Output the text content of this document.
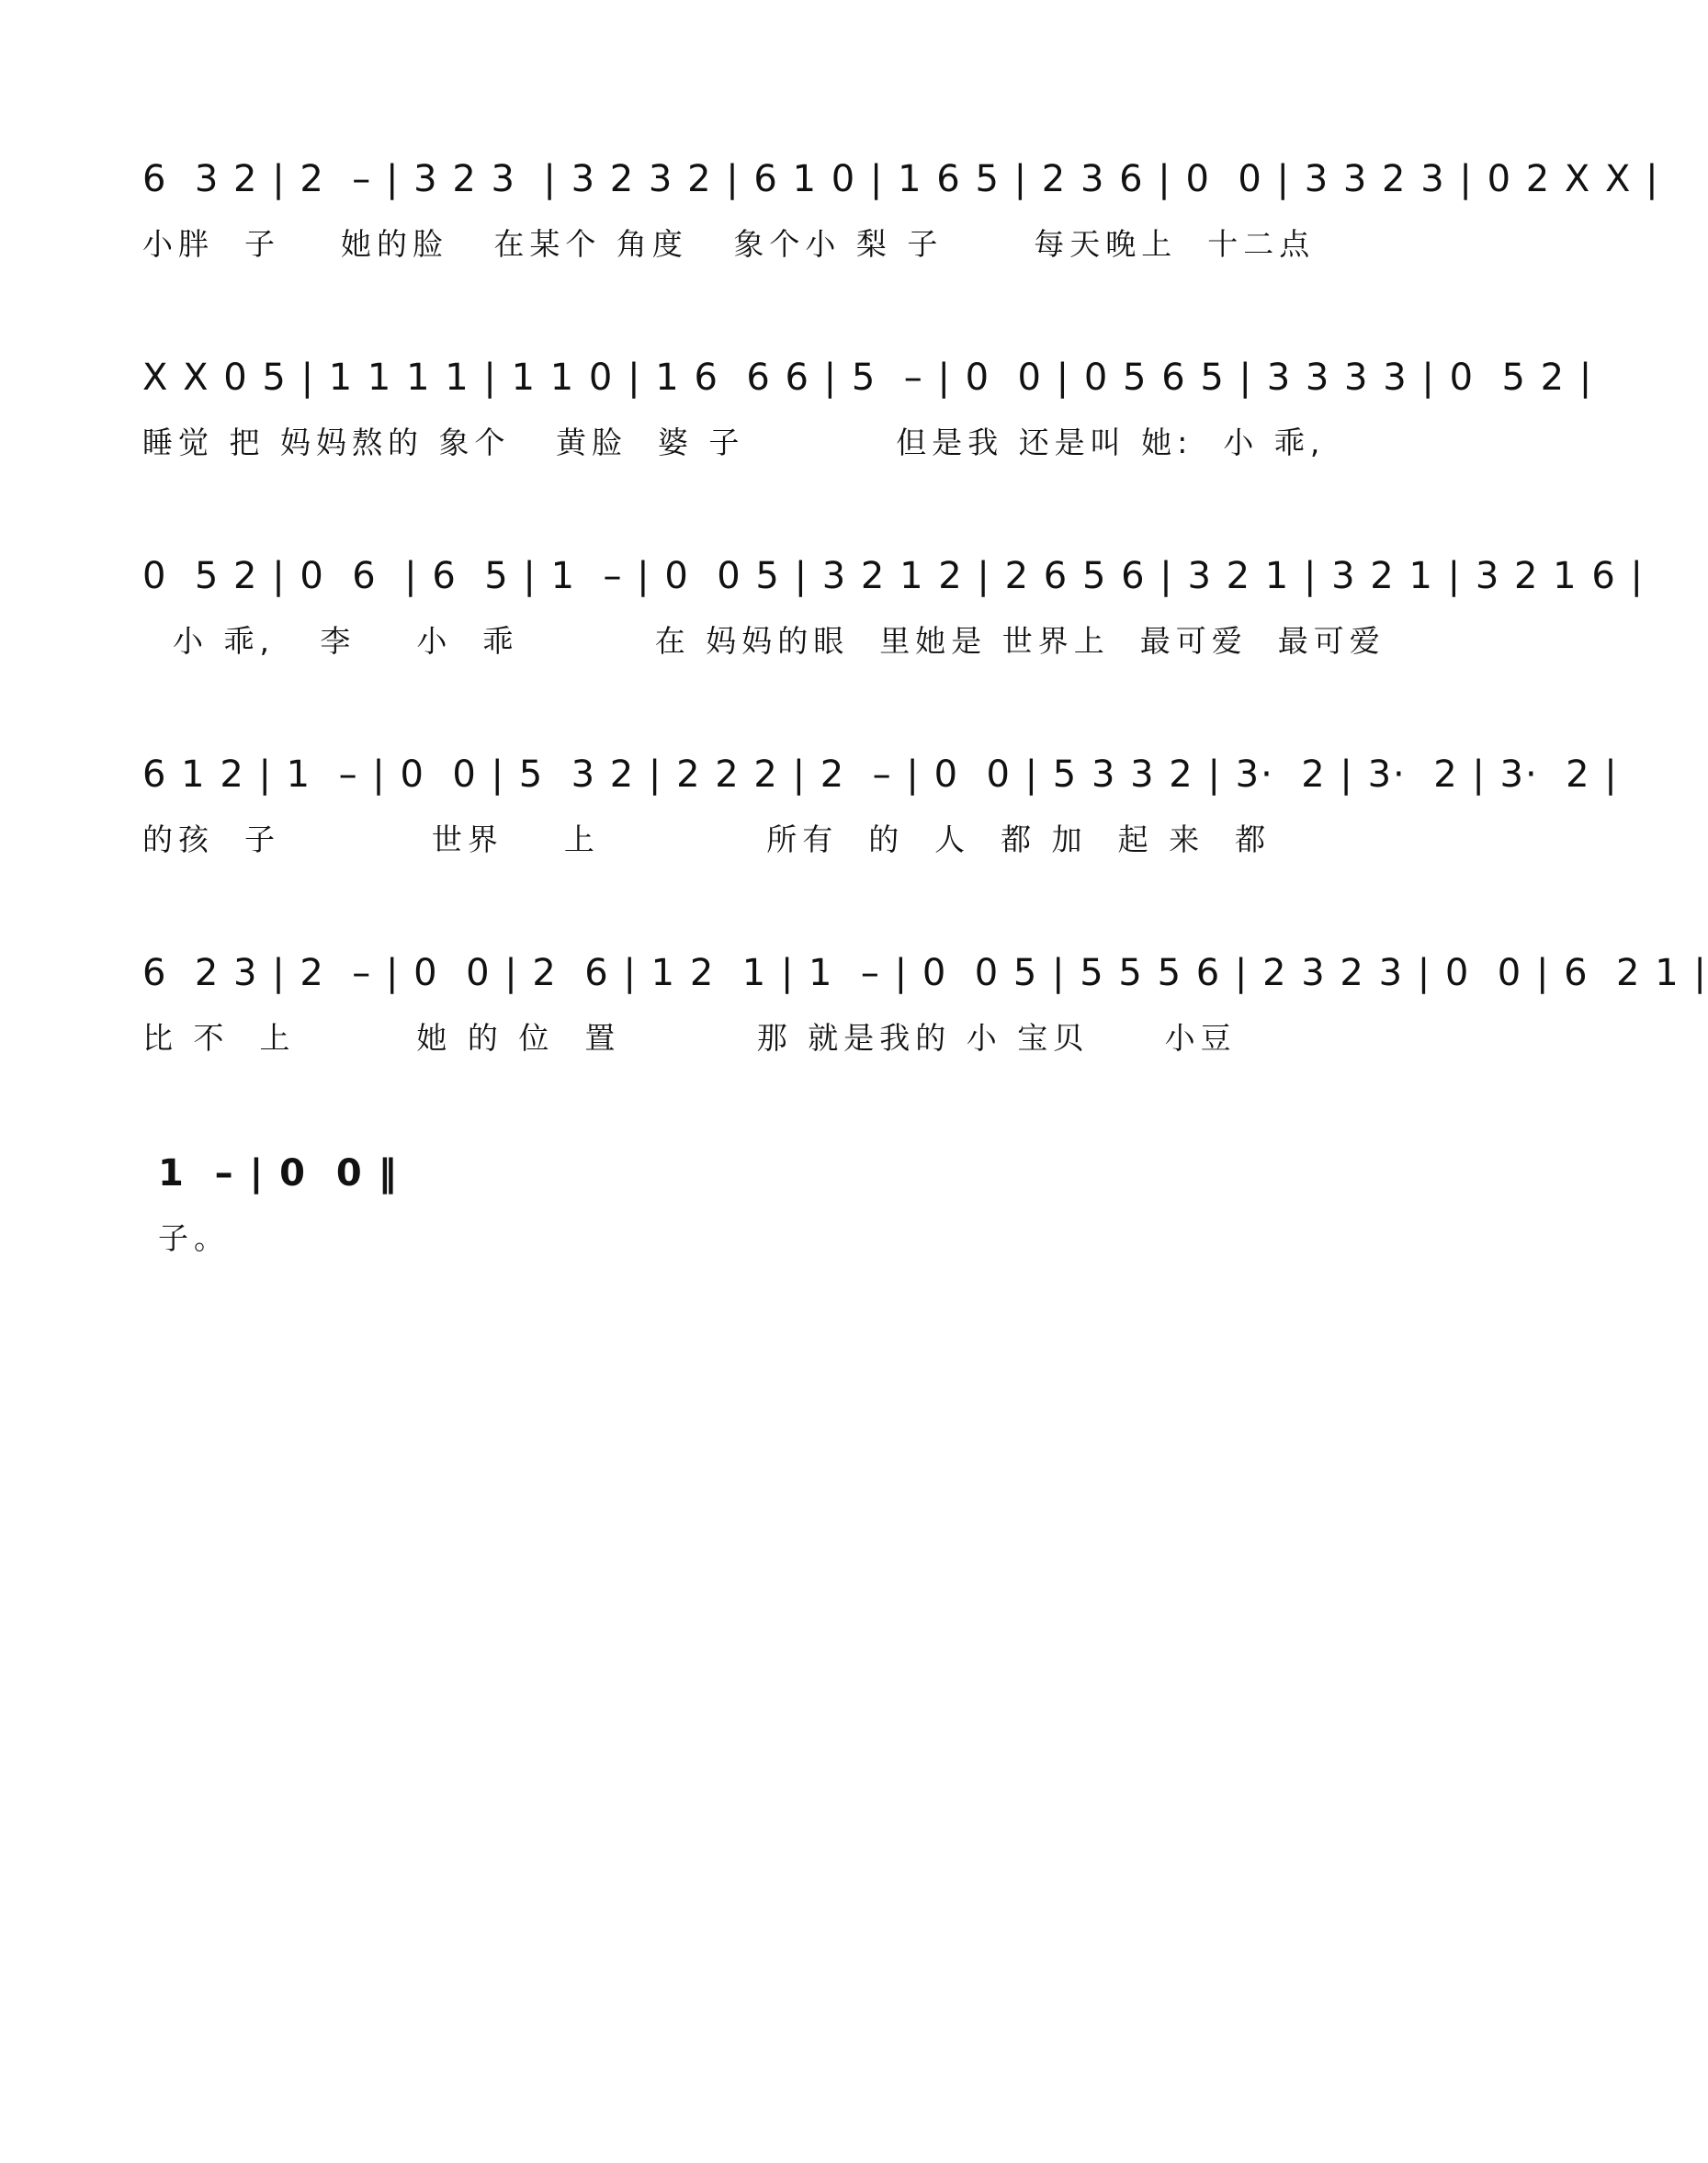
6  3 2 | 2  – | 3 2 3  | 3 2 3 2 | 6 1 0 | 1 6 5 | 2 3 6 | 0  0 | 3 3 2 3 | 0 2 X X |
小胖  子    她的脸   在某个 角度   象个小 梨 子      每天晚上  十二点
X X 0 5 | 1 1 1 1 | 1 1 0 | 1 6  6 6 | 5  – | 0  0 | 0 5 6 5 | 3 3 3 3 | 0  5 2 |
睡觉 把 妈妈熬的 象个   黄脸  婆 子          但是我 还是叫 她:  小 乖,
0  5 2 | 0  6  | 6  5 | 1  – | 0  0 5 | 3 2 1 2 | 2 6 5 6 | 3 2 1 | 3 2 1 | 3 2 1 6 |
小 乖,   李    小  乖         在 妈妈的眼  里她是 世界上  最可爱  最可爱
6 1 2 | 1  – | 0  0 | 5  3 2 | 2 2 2 | 2  – | 0  0 | 5 3 3 2 | 3·  2 | 3·  2 | 3·  2 |
的孩  子          世界    上           所有  的  人  都 加  起 来  都
6  2 3 | 2  – | 0  0 | 2  6 | 1 2  1 | 1  – | 0  0 5 | 5 5 5 6 | 2 3 2 3 | 0  0 | 6  2 1 |
比 不  上        她 的 位  置         那 就是我的 小 宝贝     小豆
1  – | 0  0 ‖
子。
